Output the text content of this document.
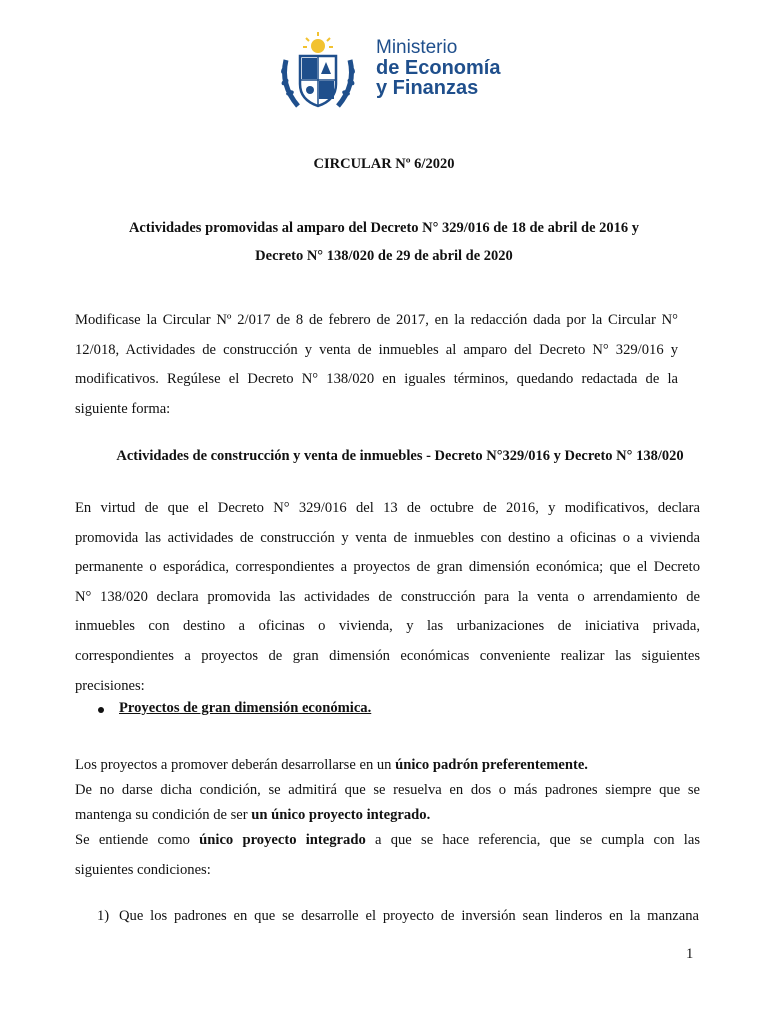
Ministerio
de Economía
y Finanzas
CIRCULAR Nº 6/2020
Actividades promovidas al amparo del Decreto N° 329/016 de 18 de abril de 2016 y
Decreto N° 138/020 de 29 de abril de 2020
Modificase la Circular Nº 2/017 de 8 de febrero de 2017, en la redacción dada por la Circular N°
12/018, Actividades de construcción y venta de inmuebles al amparo del Decreto N° 329/016 y
modificativos. Regúlese el Decreto N° 138/020 en iguales términos, quedando redactada de la
siguiente forma:
Actividades de construcción y venta de inmuebles - Decreto N°329/016 y Decreto N° 138/020
En virtud de que el Decreto N° 329/016 del 13 de octubre de 2016, y modificativos, declara
promovida las actividades de construcción y venta de inmuebles con destino a oficinas o a vivienda
permanente o esporádica, correspondientes a proyectos de gran dimensión económica; que el Decreto
N° 138/020 declara promovida las actividades de construcción para la venta o arrendamiento de
inmuebles con destino a oficinas o vivienda, y las urbanizaciones de iniciativa privada,
correspondientes a proyectos de gran dimensión económicas conveniente realizar las siguientes
precisiones:
Proyectos de gran dimensión económica.
Los proyectos a promover deberán desarrollarse en un único padrón preferentemente.
De no darse dicha condición, se admitirá que se resuelva en dos o más padrones siempre que se
mantenga su condición de ser un único proyecto integrado.
Se entiende como único proyecto integrado a que se hace referencia, que se cumpla con las
siguientes condiciones:
1) Que los padrones en que se desarrolle el proyecto de inversión sean linderos en la manzana
1
